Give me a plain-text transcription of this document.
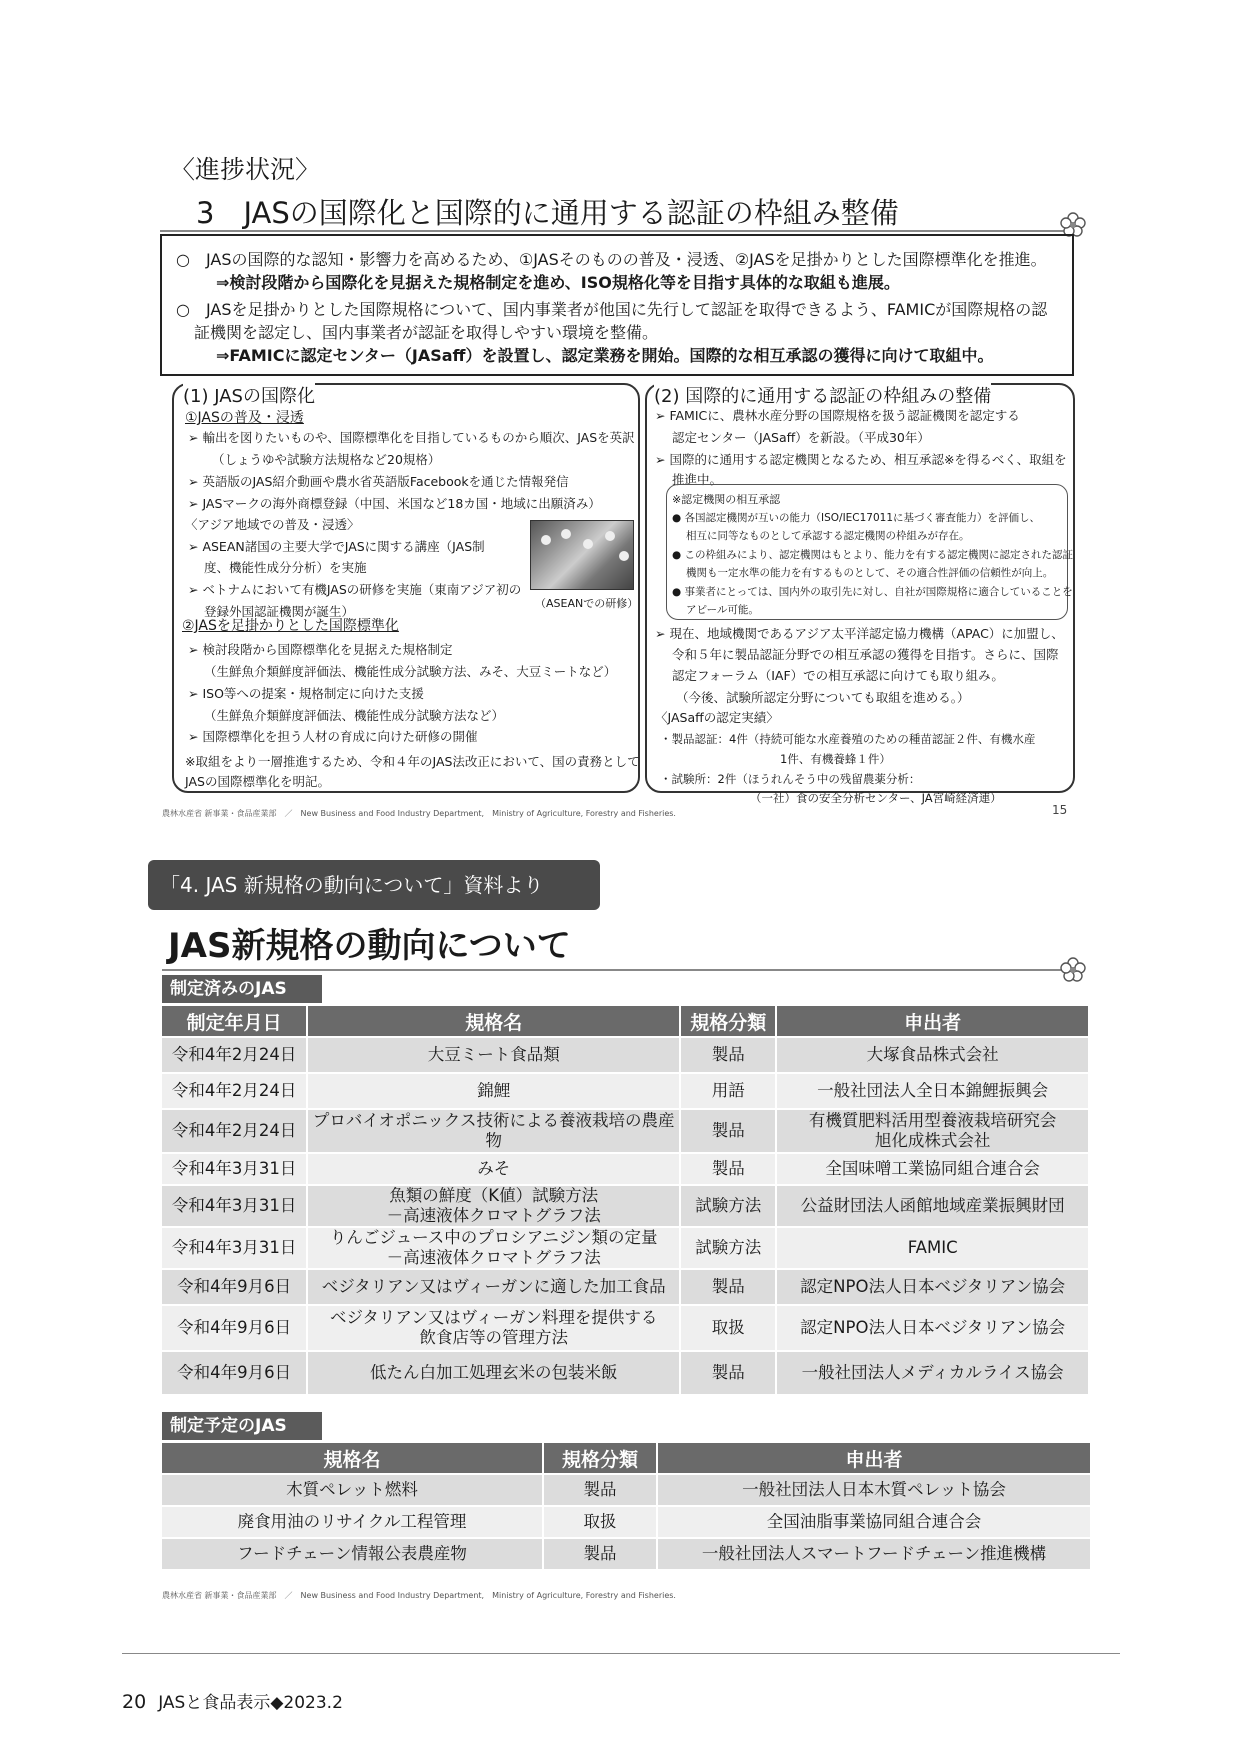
〈進捗状況〉
3　JASの国際化と国際的に通用する認証の枠組み整備
○　JASの国際的な認知・影響力を高めるため、①JASそのものの普及・浸透、②JASを足掛かりとした国際標準化を推進。
⇒検討段階から国際化を見据えた規格制定を進め、ISO規格化等を目指す具体的な取組も進展。
○　JASを足掛かりとした国際規格について、国内事業者が他国に先行して認証を取得できるよう、FAMICが国際規格の認
証機関を認定し、国内事業者が認証を取得しやすい環境を整備。
⇒FAMICに認定センター（JASaff）を設置し、認定業務を開始。国際的な相互承認の獲得に向けて取組中。
(1) JASの国際化
①JASの普及・浸透
➢ 輸出を図りたいものや、国際標準化を目指しているものから順次、JASを英訳
（しょうゆや試験方法規格など20規格）
➢ 英語版のJAS紹介動画や農水省英語版Facebookを通じた情報発信
➢ JASマークの海外商標登録（中国、米国など18カ国・地域に出願済み）
〈アジア地域での普及・浸透〉
➢ ASEAN諸国の主要大学でJASに関する講座（JAS制
度、機能性成分分析）を実施
➢ ベトナムにおいて有機JASの研修を実施（東南アジア初の
登録外国認証機関が誕生）
（ASEANでの研修）
②JASを足掛かりとした国際標準化
➢ 検討段階から国際標準化を見据えた規格制定
（生鮮魚介類鮮度評価法、機能性成分試験方法、みそ、大豆ミートなど）
➢ ISO等への提案・規格制定に向けた支援
（生鮮魚介類鮮度評価法、機能性成分試験方法など）
➢ 国際標準化を担う人材の育成に向けた研修の開催
※取組をより一層推進するため、令和４年のJAS法改正において、国の責務として
JASの国際標準化を明記。
(2) 国際的に通用する認証の枠組みの整備
➢ FAMICに、農林水産分野の国際規格を扱う認証機関を認定する
認定センター（JASaff）を新設。（平成30年）
➢ 国際的に通用する認定機関となるため、相互承認※を得るべく、取組を
推進中。
※認定機関の相互承認
● 各国認定機関が互いの能力（ISO/IEC17011に基づく審査能力）を評価し、
相互に同等なものとして承認する認定機関の枠組みが存在。
● この枠組みにより、認定機関はもとより、能力を有する認定機関に認定された認証
機関も一定水準の能力を有するものとして、その適合性評価の信頼性が向上。
● 事業者にとっては、国内外の取引先に対し、自社が国際規格に適合していることを
アピール可能。
➢ 現在、地域機関であるアジア太平洋認定協力機構（APAC）に加盟し、
令和５年に製品認証分野での相互承認の獲得を目指す。さらに、国際
認定フォーラム（IAF）での相互承認に向けても取り組み。
（今後、試験所認定分野についても取組を進める。）
〈JASaffの認定実績〉
・製品認証：4件（持続可能な水産養殖のための種苗認証２件、有機水産
1件、有機養蜂１件）
・試験所：2件（ほうれんそう中の残留農薬分析：
（一社）食の安全分析センター、JA宮崎経済連）
農林水産省 新事業・食品産業部　／　New Business and Food Industry Department,　Ministry of Agriculture, Forestry and Fisheries.	15
「4. JAS 新規格の動向について」資料より
JAS新規格の動向について
制定済みのJAS
制定年月日	規格名	規格分類	申出者
令和4年2月24日	大豆ミート食品類	製品	大塚食品株式会社
令和4年2月24日	錦鯉	用語	一般社団法人全日本錦鯉振興会
令和4年2月24日	プロバイオポニックス技術による養液栽培の農産物	製品	有機質肥料活用型養液栽培研究会
旭化成株式会社
令和4年3月31日	みそ	製品	全国味噌工業協同組合連合会
令和4年3月31日	魚類の鮮度（K値）試験方法
－高速液体クロマトグラフ法	試験方法	公益財団法人函館地域産業振興財団
令和4年3月31日	りんごジュース中のプロシアニジン類の定量
－高速液体クロマトグラフ法	試験方法	FAMIC
令和4年9月6日	ベジタリアン又はヴィーガンに適した加工食品	製品	認定NPO法人日本ベジタリアン協会
令和4年9月6日	ベジタリアン又はヴィーガン料理を提供する
飲食店等の管理方法	取扱	認定NPO法人日本ベジタリアン協会
令和4年9月6日	低たん白加工処理玄米の包装米飯	製品	一般社団法人メディカルライス協会
制定予定のJAS
規格名	規格分類	申出者
木質ペレット燃料	製品	一般社団法人日本木質ペレット協会
廃食用油のリサイクル工程管理	取扱	全国油脂事業協同組合連合会
フードチェーン情報公表農産物	製品	一般社団法人スマートフードチェーン推進機構
農林水産省 新事業・食品産業部　／　New Business and Food Industry Department,　Ministry of Agriculture, Forestry and Fisheries.
20 JASと食品表示◆2023.2
